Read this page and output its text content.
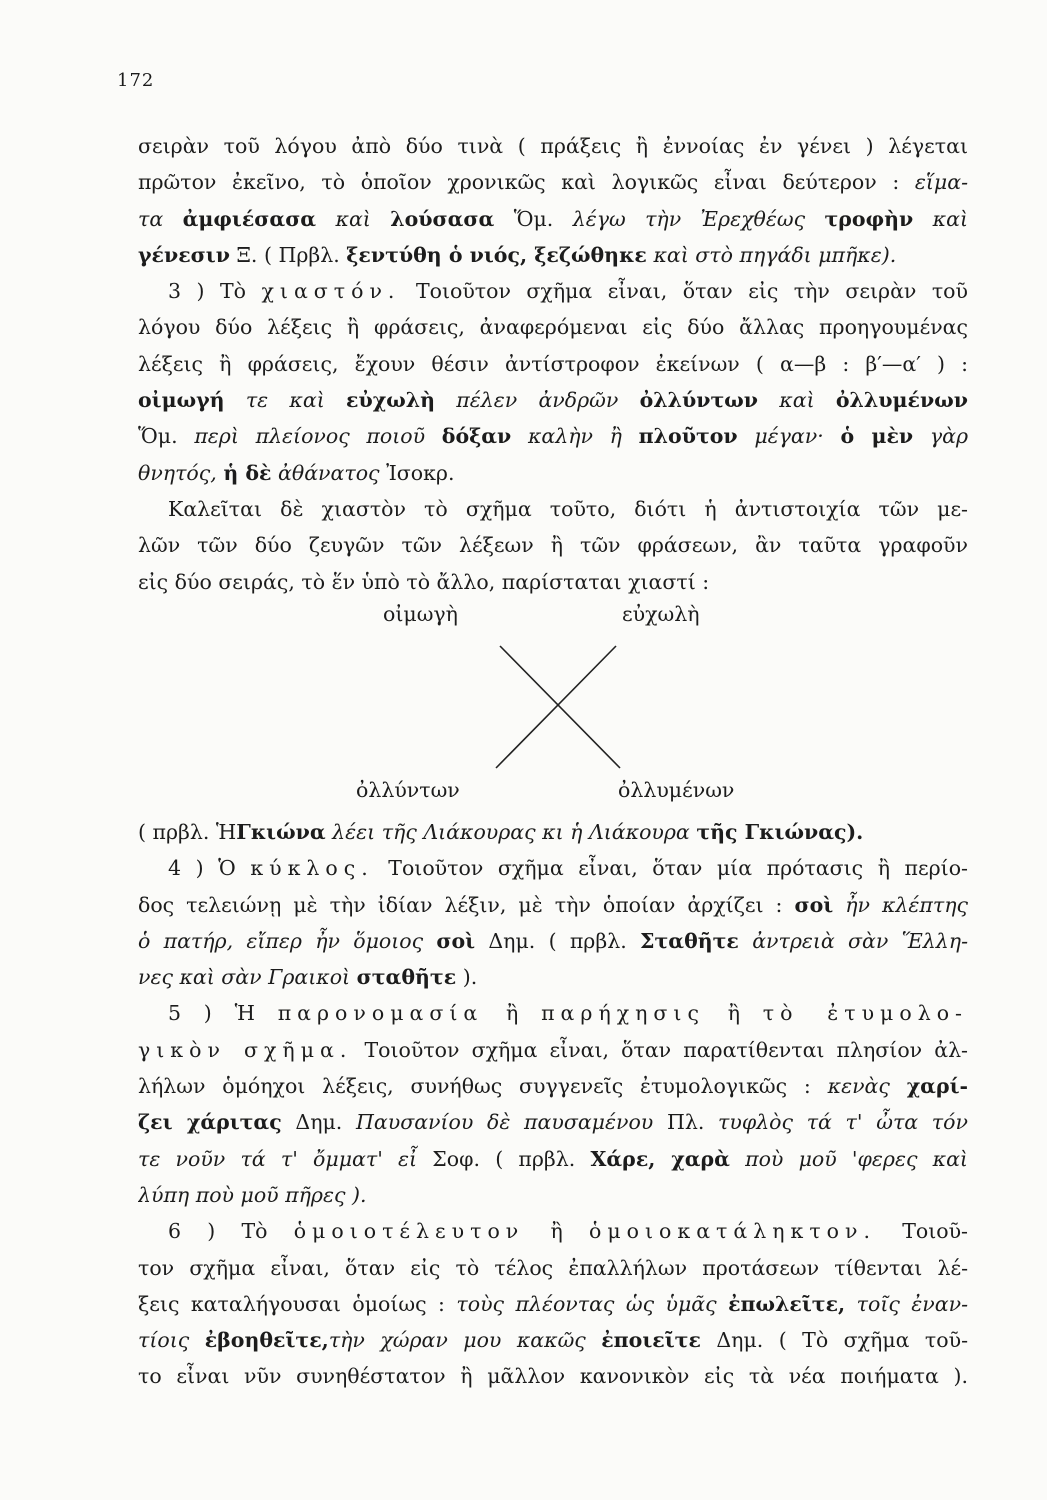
172
σειρὰν τοῦ λόγου ἀπὸ δύο τινὰ ( πράξεις ἢ ἐννοίας ἐν γένει ) λέγεται
πρῶτον ἐκεῖνο, τὸ ὁποῖον χρονικῶς καὶ λογικῶς εἶναι δεύτερον : εἵμα-
τα ἀμφιέσασα καὶ λούσασα Ὅμ. λέγω τὴν Ἐρεχθέως τροφὴν καὶ
γένεσιν Ξ. ( Πρβλ. ξεντύθη ὁ νιός, ξεζώθηκε καὶ στὸ πηγάδι μπῆκε).
3 ) Τὸ χιαστόν. Τοιοῦτον σχῆμα εἶναι, ὅταν εἰς τὴν σειρὰν τοῦ
λόγου δύο λέξεις ἢ φράσεις, ἀναφερόμεναι εἰς δύο ἄλλας προηγουμένας
λέξεις ἢ φράσεις, ἔχουν θέσιν ἀντίστροφον ἐκείνων ( α—β : β′—α′ ) :
οἰμωγή τε καὶ εὐχωλὴ πέλεν ἀνδρῶν ὀλλύντων καὶ ὀλλυμένων
Ὅμ. περὶ πλείονος ποιοῦ δόξαν καλὴν ἢ πλοῦτον μέγαν· ὁ μὲν γὰρ
θνητός, ἡ δὲ ἀθάνατος Ἰσοκρ.
Καλεῖται δὲ χιαστὸν τὸ σχῆμα τοῦτο, διότι ἡ ἀντιστοιχία τῶν με-
λῶν τῶν δύο ζευγῶν τῶν λέξεων ἢ τῶν φράσεων, ἂν ταῦτα γραφοῦν
εἰς δύο σειράς, τὸ ἕν ὑπὸ τὸ ἄλλο, παρίσταται χιαστί :
οἰμωγὴ	εὐχωλὴ
ὀλλύντων	ὀλλυμένων
( πρβλ. ἩΓκιώνα λέει τῆς Λιάκουρας κι ἡ Λιάκουρα τῆς Γκιώνας).
4 ) Ὁ κύκλος. Τοιοῦτον σχῆμα εἶναι, ὅταν μία πρότασις ἢ περίο-
δος τελειώνῃ μὲ τὴν ἰδίαν λέξιν, μὲ τὴν ὁποίαν ἀρχίζει : σοὶ ἦν κλέπτης
ὁ πατήρ, εἴπερ ἦν ὅμοιος σοὶ Δημ. ( πρβλ. Σταθῆτε ἀντρειὰ σὰν Ἕλλη-
νες καὶ σὰν Γραικοὶ σταθῆτε ).
5 ) Ἡ παρονομασία ἢ παρήχησις ἢ τὸ ἐτυμολο-
γικὸν σχῆμα. Τοιοῦτον σχῆμα εἶναι, ὅταν παρατίθενται πλησίον ἀλ-
λήλων ὁμόηχοι λέξεις, συνήθως συγγενεῖς ἐτυμολογικῶς : κενὰς χαρί-
ζει χάριτας Δημ. Παυσανίου δὲ παυσαμένου Πλ. τυφλὸς τά τ' ὦτα τόν
τε νοῦν τά τ' ὄμματ' εἶ Σοφ. ( πρβλ. Χάρε, χαρὰ ποὺ μοῦ 'φερες καὶ
λύπη ποὺ μοῦ πῆρες ).
6 ) Τὸ ὁμοιοτέλευτον ἢ ὁμοιοκατάληκτον. Τοιοῦ-
τον σχῆμα εἶναι, ὅταν εἰς τὸ τέλος ἐπαλλήλων προτάσεων τίθενται λέ-
ξεις καταλήγουσαι ὁμοίως : τοὺς πλέοντας ὡς ὑμᾶς ἐπωλεῖτε, τοῖς ἐναν-
τίοις ἐβοηθεῖτε,τὴν χώραν μου κακῶς ἐποιεῖτε Δημ. ( Τὸ σχῆμα τοῦ-
το εἶναι νῦν συνηθέστατον ἢ μᾶλλον κανονικὸν εἰς τὰ νέα ποιήματα ).
